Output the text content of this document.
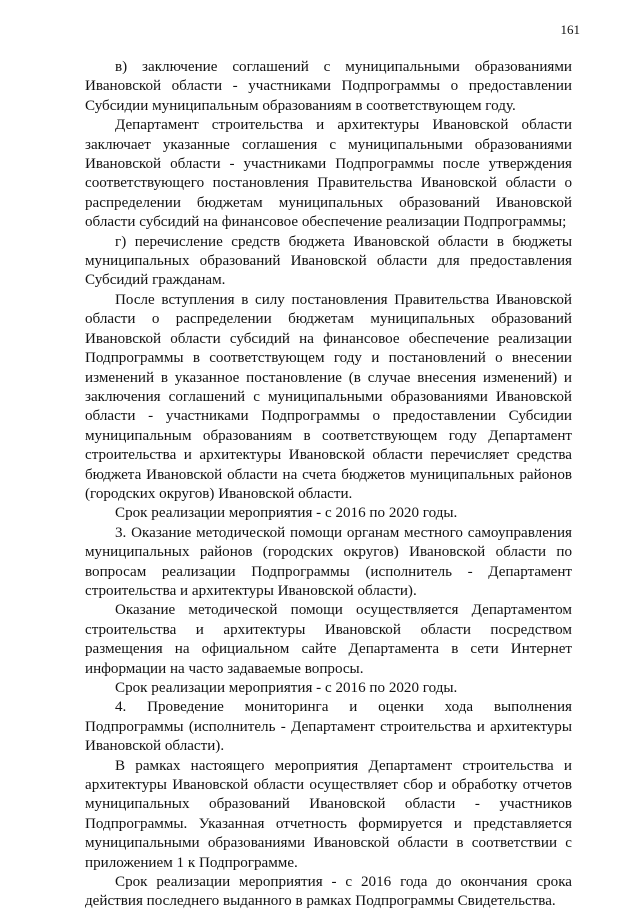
161

в) заключение соглашений с муниципальными образованиями Ивановской области - участниками Подпрограммы о предоставлении Субсидии муниципальным образованиям в соответствующем году.

Департамент строительства и архитектуры Ивановской области заключает указанные соглашения с муниципальными образованиями Ивановской области - участниками Подпрограммы после утверждения соответствующего постановления Правительства Ивановской области о распределении бюджетам муниципальных образований Ивановской области субсидий на финансовое обеспечение реализации Подпрограммы;

г) перечисление средств бюджета Ивановской области в бюджеты муниципальных образований Ивановской области для предоставления Субсидий гражданам.

После вступления в силу постановления Правительства Ивановской области о распределении бюджетам муниципальных образований Ивановской области субсидий на финансовое обеспечение реализации Подпрограммы в соответствующем году и постановлений о внесении изменений в указанное постановление (в случае внесения изменений) и заключения соглашений с муниципальными образованиями Ивановской области - участниками Подпрограммы о предоставлении Субсидии муниципальным образованиям в соответствующем году Департамент строительства и архитектуры Ивановской области перечисляет средства бюджета Ивановской области на счета бюджетов муниципальных районов (городских округов) Ивановской области.

Срок реализации мероприятия - с 2016 по 2020 годы.

3. Оказание методической помощи органам местного самоуправления муниципальных районов (городских округов) Ивановской области по вопросам реализации Подпрограммы (исполнитель - Департамент строительства и архитектуры Ивановской области).

Оказание методической помощи осуществляется Департаментом строительства и архитектуры Ивановской области посредством размещения на официальном сайте Департамента в сети Интернет информации на часто задаваемые вопросы.

Срок реализации мероприятия - с 2016 по 2020 годы.

4. Проведение мониторинга и оценки хода выполнения Подпрограммы (исполнитель - Департамент строительства и архитектуры Ивановской области).

В рамках настоящего мероприятия Департамент строительства и архитектуры Ивановской области осуществляет сбор и обработку отчетов муниципальных образований Ивановской области - участников Подпрограммы. Указанная отчетность формируется и представляется муниципальными образованиями Ивановской области в соответствии с приложением 1 к Подпрограмме.

Срок реализации мероприятия - с 2016 года до окончания срока действия последнего выданного в рамках Подпрограммы Свидетельства.
